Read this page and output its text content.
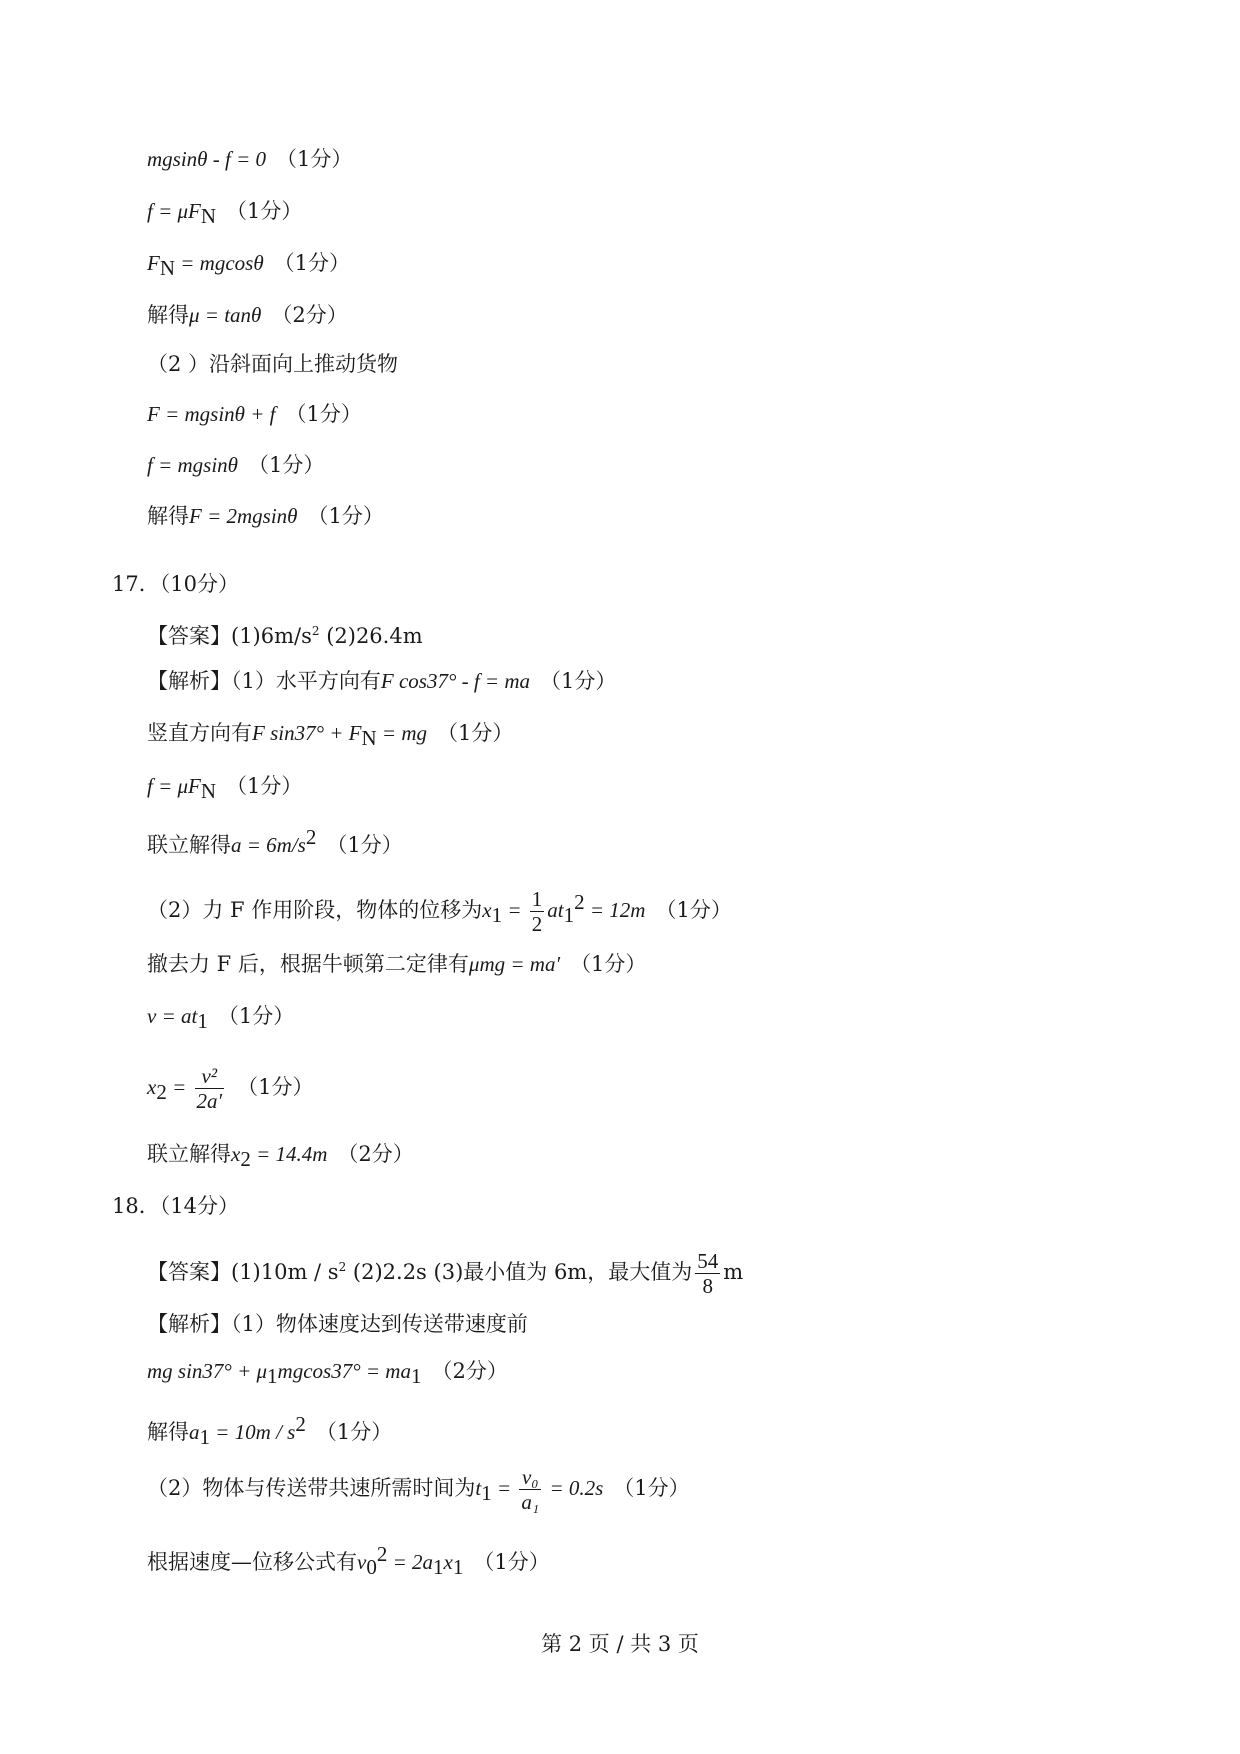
mgsinθ - f = 0 （1分）
$f = \mu F_N$ （1分）
$F_N = mgcos\theta$ （1分）
解得μ = tanθ （2分）
（2 ）沿斜面向上推动货物
F = mgsinθ + f （1分）
f = mgsinθ （1分）
解得F = 2mgsinθ （1分）
17．（10分）
【答案】$(1)6m/s^2$ (2)26.4m
【解析】（1）水平方向有F cos37° - f = ma （1分）
竖直方向有F $\sin 37^\circ + F_N$ = mg （1分）
$f = \mu F_N$ （1分）
联立解得$a = 6m/s^2$ （1分）
（2）力 F 作用阶段，物体的位移为$x_1 = \frac{1}{2} at_1^2 = 12m$ （1分）
撤去力 F 后，根据牛顿第二定律有μmg = ma′ （1分）
$v = at_1$ （1分）
$x_2 = \frac{\text{v²}}{2a'} (1$分）
联立解得$x_2 = 14.4m$ （2分）
18．（14分）
【答案】$(1)10m / s^2$ (2)2.2s (3)最小值为 6m，最大值为 $\frac{54}{8}$ m
【解析】（1）物体速度达到传送带速度前
mg $\sin 37^\circ + \mu_1mgcos37^\circ = ma_1$ （2分）
解得$a_1 = 10m / s^2$ （1分）
（2）物体与传送带共速所需时间为$t_1 = \frac{\text{v₀}}{\text{a₁}} = 0.2s$ （1分）
根据速度—位移公式有$v_0^2 = 2a_1x_1$ （1分）
第 2 页 / 共 3 页
